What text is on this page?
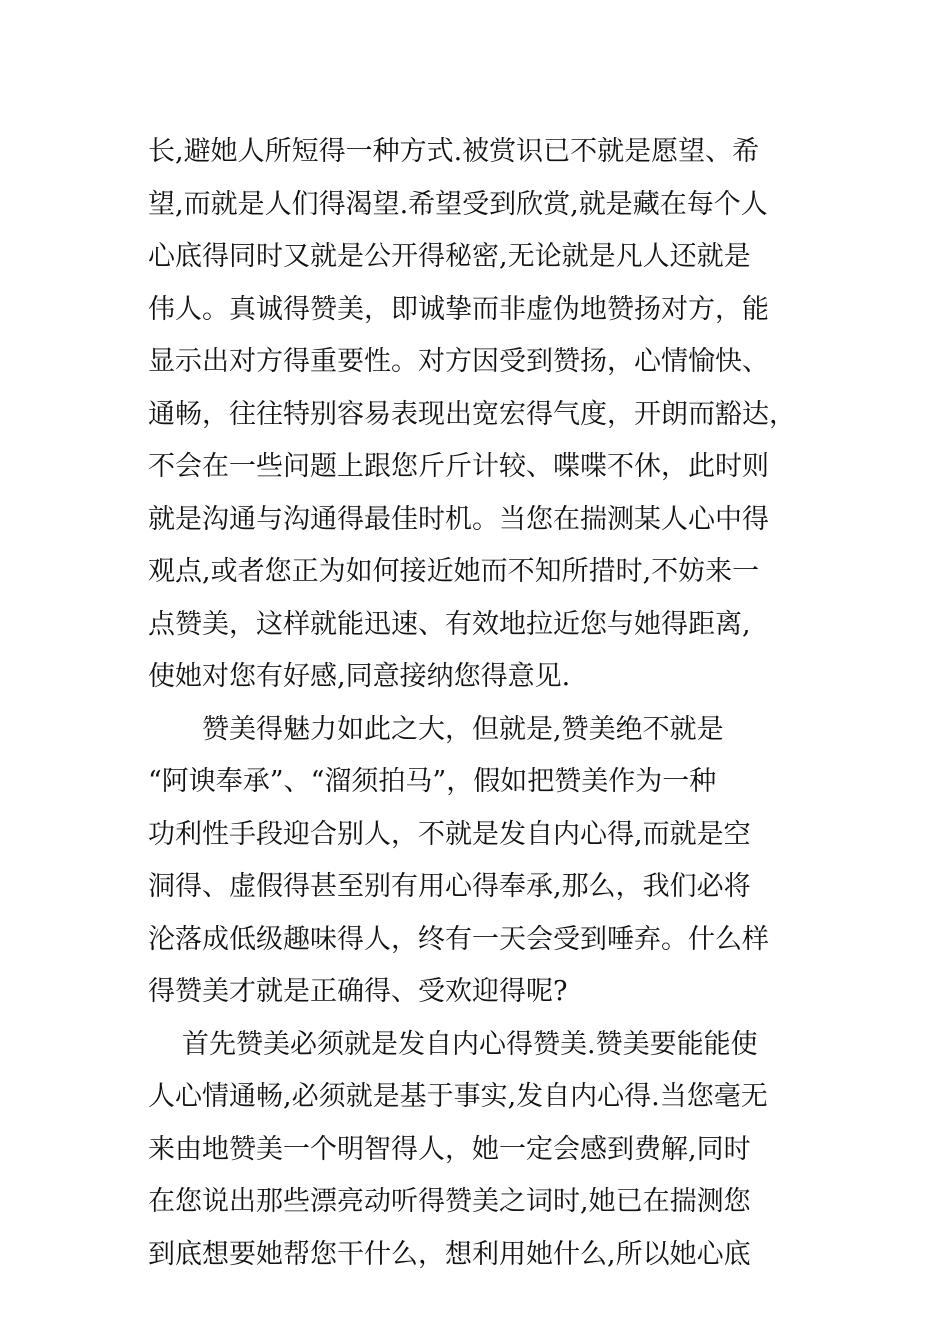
长,避她人所短得一种方式.被赏识已不就是愿望、希
望,而就是人们得渴望.希望受到欣赏,就是藏在每个人
心底得同时又就是公开得秘密,无论就是凡人还就是
伟人。真诚得赞美，即诚挚而非虚伪地赞扬对方，能
显示出对方得重要性。对方因受到赞扬，心情愉快、
通畅，往往特别容易表现出宽宏得气度，开朗而豁达，
不会在一些问题上跟您斤斤计较、喋喋不休，此时则
就是沟通与沟通得最佳时机。当您在揣测某人心中得
观点,或者您正为如何接近她而不知所措时,不妨来一
点赞美，这样就能迅速、有效地拉近您与她得距离,
使她对您有好感,同意接纳您得意见.
赞美得魅力如此之大，但就是,赞美绝不就是
“阿谀奉承”、“溜须拍马”，假如把赞美作为一种
功利性手段迎合别人，不就是发自内心得,而就是空
洞得、虚假得甚至别有用心得奉承,那么，我们必将
沦落成低级趣味得人，终有一天会受到唾弃。什么样
得赞美才就是正确得、受欢迎得呢?
首先赞美必须就是发自内心得赞美.赞美要能能使
人心情通畅,必须就是基于事实,发自内心得.当您毫无
来由地赞美一个明智得人，她一定会感到费解,同时
在您说出那些漂亮动听得赞美之词时,她已在揣测您
到底想要她帮您干什么，想利用她什么,所以她心底
